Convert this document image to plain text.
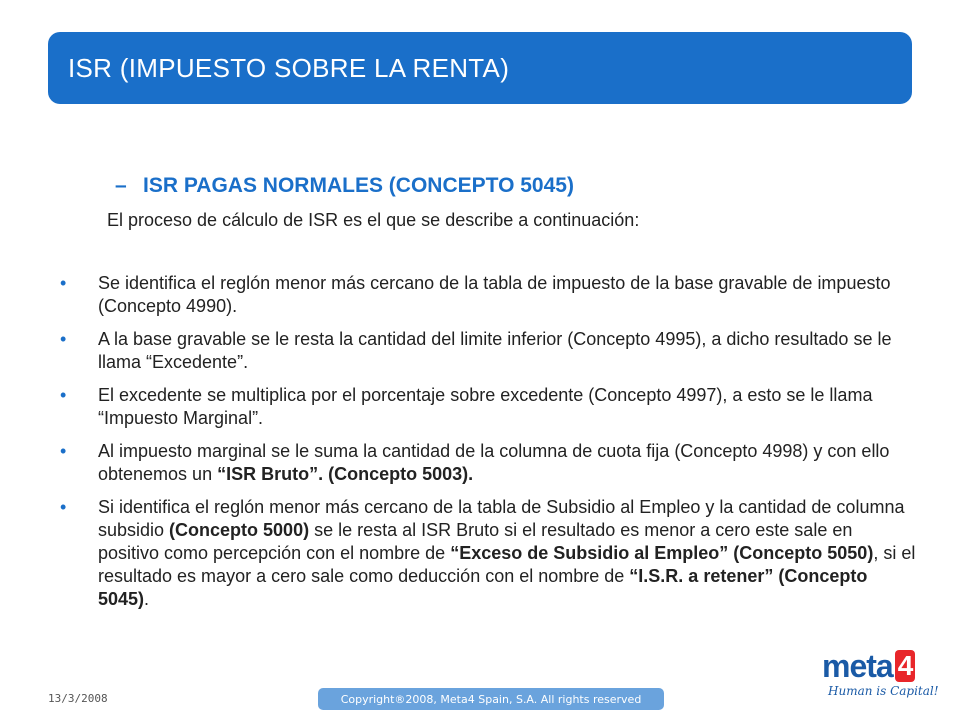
ISR (IMPUESTO SOBRE LA RENTA)
– ISR PAGAS NORMALES (CONCEPTO 5045)
El proceso de cálculo de ISR es el que se describe a continuación:
• Se identifica el reglón menor más cercano de la tabla de impuesto de la base gravable de impuesto (Concepto 4990).
• A la base gravable se le resta la cantidad del limite inferior (Concepto 4995), a dicho resultado se le llama “Excedente”.
• El excedente se multiplica por el porcentaje sobre excedente (Concepto 4997), a esto se le llama “Impuesto Marginal”.
• Al impuesto marginal se le suma la cantidad de la columna de cuota fija (Concepto 4998) y con ello obtenemos un “ISR Bruto”. (Concepto 5003).
• Si identifica el reglón menor más cercano de la tabla de Subsidio al Empleo y la cantidad de columna subsidio (Concepto 5000) se le resta al ISR Bruto si el resultado es menor a cero este sale en positivo como percepción con el nombre de “Exceso de Subsidio al Empleo” (Concepto 5050), si el resultado es mayor a cero sale como deducción con el nombre de “I.S.R. a retener” (Concepto 5045).
13/3/2008	Copyright®2008, Meta4 Spain, S.A. All rights reserved
meta 4
Human is Capital!
